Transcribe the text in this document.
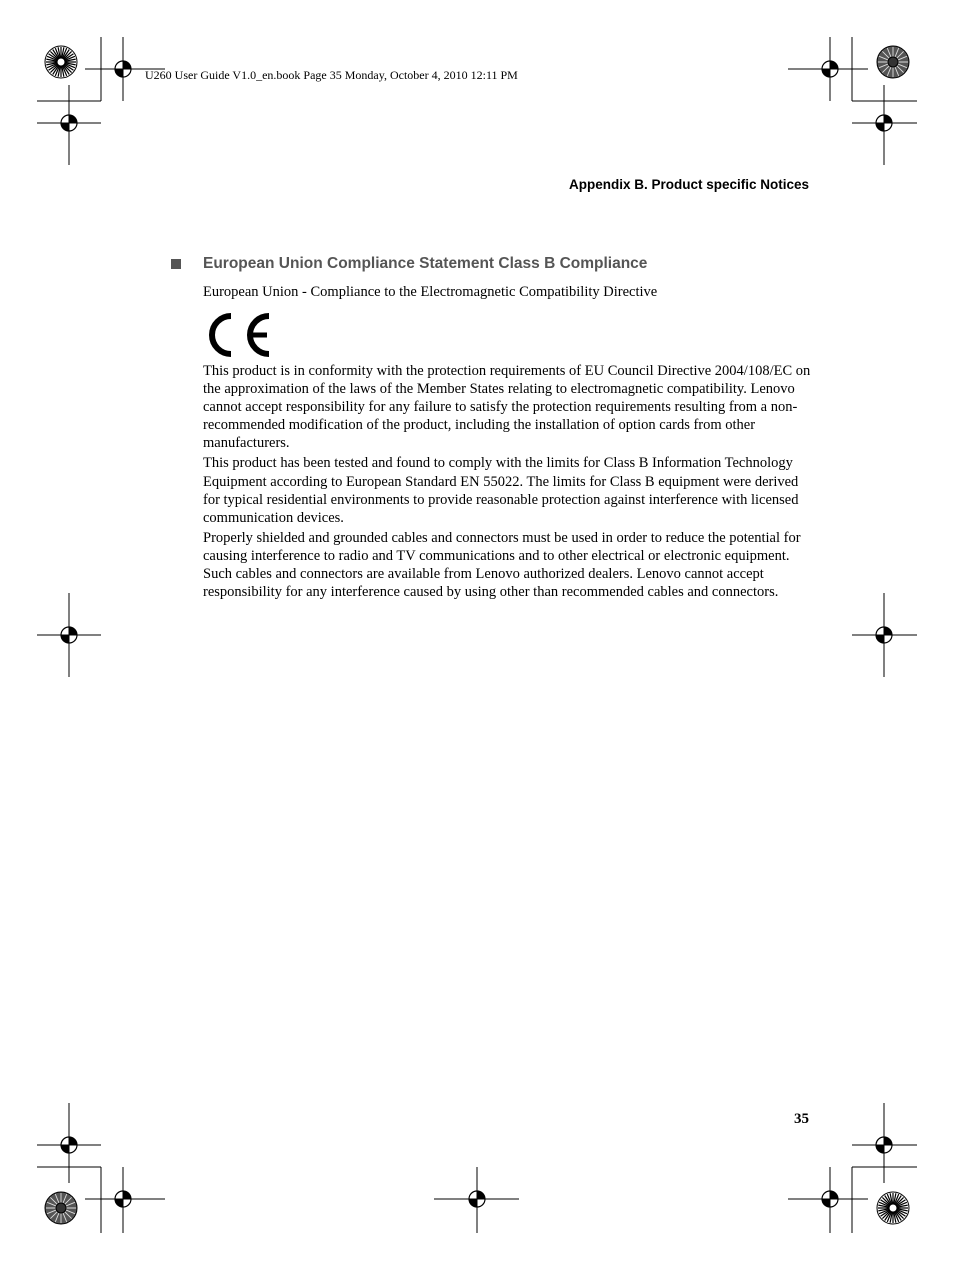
U260 User Guide V1.0_en.book Page 35 Monday, October 4, 2010 12:11 PM
Appendix B. Product specific Notices
European Union Compliance Statement Class B Compliance
European Union - Compliance to the Electromagnetic Compatibility Directive

This product is in conformity with the protection requirements of EU Council Directive 2004/108/EC on the approximation of the laws of the Member States relating to electromagnetic compatibility. Lenovo cannot accept responsibility for any failure to satisfy the protection requirements resulting from a non-recommended modification of the product, including the installation of option cards from other manufacturers.

This product has been tested and found to comply with the limits for Class B Information Technology Equipment according to European Standard EN 55022. The limits for Class B equipment were derived for typical residential environments to provide reasonable protection against interference with licensed communication devices.

Properly shielded and grounded cables and connectors must be used in order to reduce the potential for causing interference to radio and TV communications and to other electrical or electronic equipment. Such cables and connectors are available from Lenovo authorized dealers. Lenovo cannot accept responsibility for any interference caused by using other than recommended cables and connectors.

35
